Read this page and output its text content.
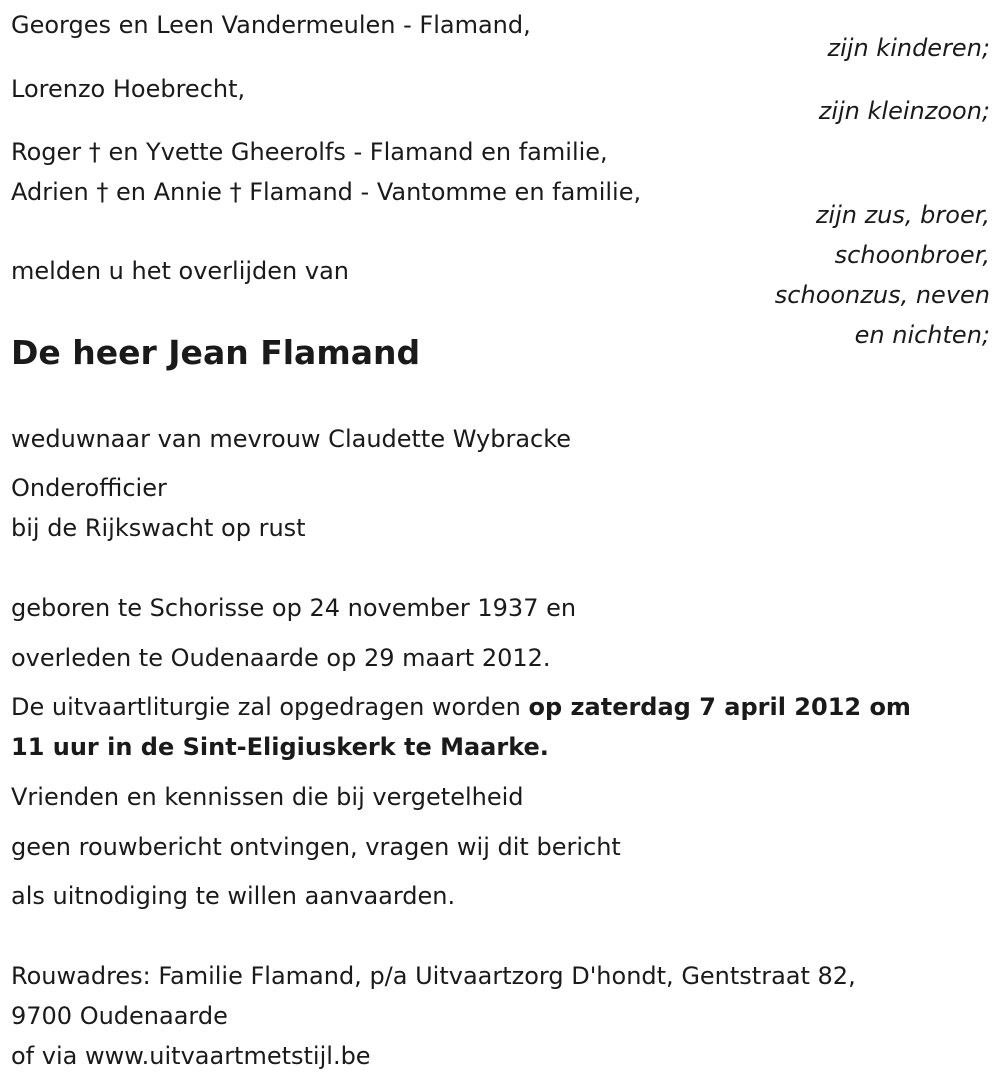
Georges en Leen Vandermeulen - Flamand,
zijn kinderen;
Lorenzo Hoebrecht,
zijn kleinzoon;
Roger † en Yvette Gheerolfs - Flamand en familie,
Adrien † en Annie † Flamand - Vantomme en familie,
zijn zus, broer,
schoonbroer,
schoonzus, neven
en nichten;
melden u het overlijden van
De heer Jean Flamand
weduwnaar van mevrouw Claudette Wybracke
Onderofficier
bij de Rijkswacht op rust
geboren te Schorisse op 24 november 1937 en
overleden te Oudenaarde op 29 maart 2012.
De uitvaartliturgie zal opgedragen worden op zaterdag 7 april 2012 om
11 uur in de Sint-Eligiuskerk te Maarke.
Vrienden en kennissen die bij vergetelheid
geen rouwbericht ontvingen, vragen wij dit bericht
als uitnodiging te willen aanvaarden.
Rouwadres: Familie Flamand, p/a Uitvaartzorg D'hondt, Gentstraat 82,
9700 Oudenaarde
of via www.uitvaartmetstijl.be
